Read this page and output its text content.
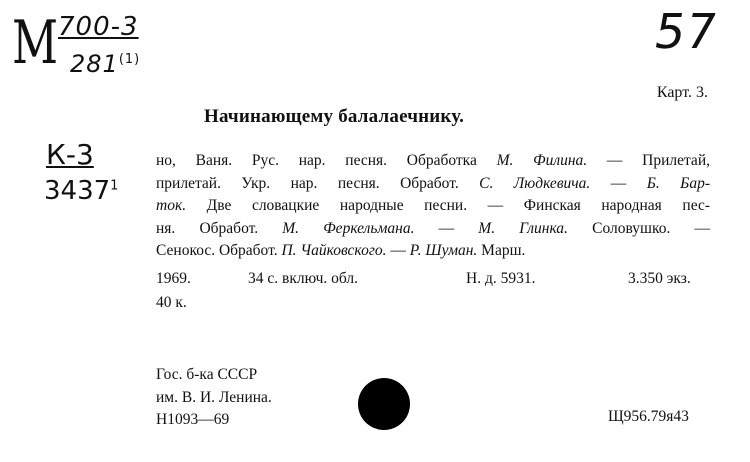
М 700-3
281$^{(1)}$	57
Карт. 3.
Начинающему балалаечнику.
К-3
3437$^1$
но, Ваня. Рус. нар. песня. Обработка М. Филина. — Прилетай,
прилетай. Укр. нар. песня. Обработ. С. Людкевича. — Б. Бар-
ток. Две словацкие народные песни. — Финская народная пес-
ня. Обработ. М. Феркельмана. — М. Глинка. Соловушко. —
Сенокос. Обработ. П. Чайковского. — Р. Шуман. Марш.
1969.	34 с. включ. обл.	Н. д. 5931.	3.350 экз.
40 к.
Гос. б-ка СССР
им. В. И. Ленина.
Н1093—69	Щ956.79я43
